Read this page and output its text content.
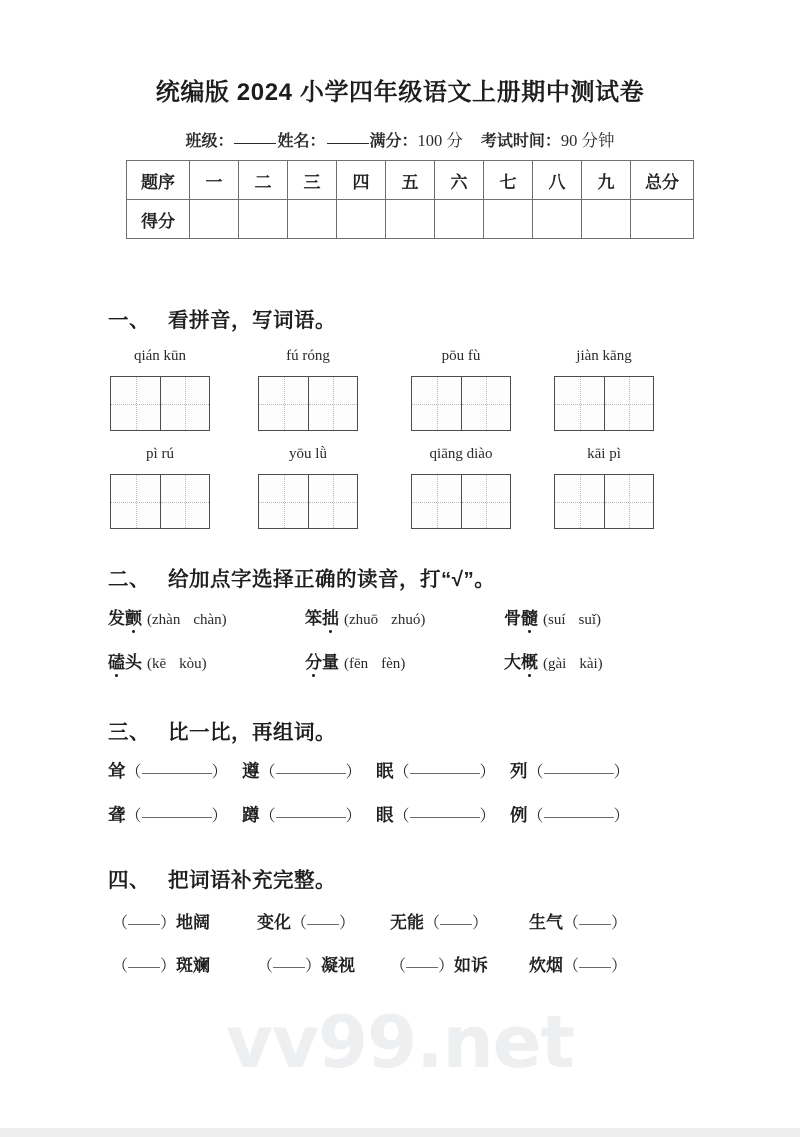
vv99.net
统编版 2024 小学四年级语文上册期中测试卷
班级：	姓名：	满分：100 分 考试时间：90 分钟
题序	一	二	三	四	五	六	七	八	九	总分
得分										
一、 看拼音，写词语。
qián kūn	fú róng	pōu fù	jiàn kāng
pì rú	yōu lǜ	qiāng diào	kāi pì
二、 给加点字选择正确的读音，打“√”。
发颤 (zhàn chàn)	笨拙 (zhuō zhuó)	骨髓 (suí suǐ)
磕头 (kē kòu)	分量 (fēn fèn)	大概 (gài kài)
三、 比一比，再组词。
耸（	） 遵（	） 眠（	） 列（	）
聋（	） 蹲（	） 眼（	） 例（	）
四、 把词语补充完整。
（ ）地阔	变化（ ） 无能（ ） 生气（ ）
（ ）斑斓	（ ）凝视 （ ）如诉 炊烟（ ）
